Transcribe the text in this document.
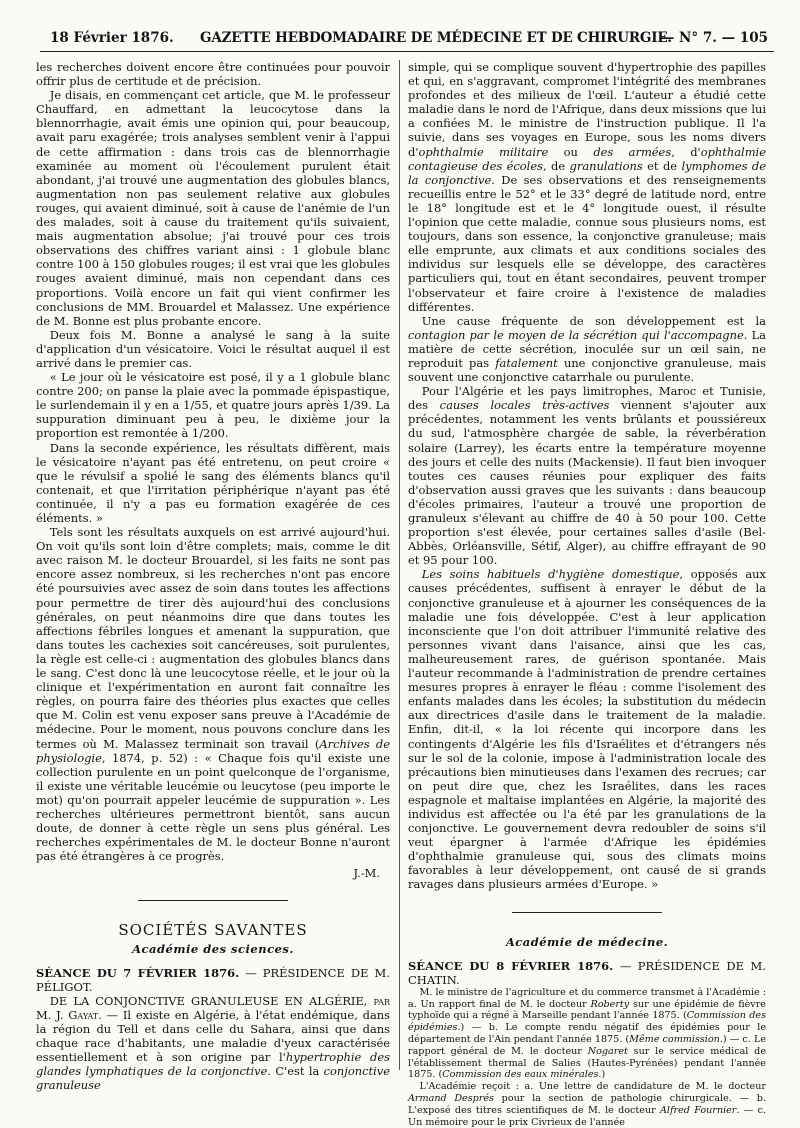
18 Février 1876. GAZETTE HEBDOMADAIRE DE MÉDECINE ET DE CHIRURGIE.
— N° 7. — 105

les recherches doivent encore être continuées pour pouvoir offrir plus de certitude et de précision.

Je disais, en commençant cet article, que M. le professeur Chauffard, en admettant la leucocytose dans la blennorrhagie, avait émis une opinion qui, pour beaucoup, avait paru exagérée; trois analyses semblent venir à l'appui de cette affirmation : dans trois cas de blennorrhagie examinée au moment où l'écoulement purulent était abondant, j'ai trouvé une augmentation des globules blancs, augmentation non pas seulement relative aux globules rouges, qui avaient diminué, soit à cause de l'anémie de l'un des malades, soit à cause du traitement qu'ils suivaient, mais augmentation absolue; j'ai trouvé pour ces trois observations des chiffres variant ainsi : 1 globule blanc contre 100 à 150 globules rouges; il est vrai que les globules rouges avaient diminué, mais non cependant dans ces proportions. Voilà encore un fait qui vient confirmer les conclusions de MM. Brouardel et Malassez. Une expérience de M. Bonne est plus probante encore.

Deux fois M. Bonne a analysé le sang à la suite d'application d'un vésicatoire. Voici le résultat auquel il est arrivé dans le premier cas.

« Le jour où le vésicatoire est posé, il y a 1 globule blanc contre 200; on panse la plaie avec la pommade épispastique, le surlendemain il y en a 1/55, et quatre jours après 1/39. La suppuration diminuant peu à peu, le dixième jour la proportion est remontée à 1/200.

Dans la seconde expérience, les résultats diffèrent, mais le vésicatoire n'ayant pas été entretenu, on peut croire « que le révulsif a spolié le sang des éléments blancs qu'il contenait, et que l'irritation périphérique n'ayant pas été continuée, il n'y a pas eu formation exagérée de ces éléments. »

Tels sont les résultats auxquels on est arrivé aujourd'hui. On voit qu'ils sont loin d'être complets; mais, comme le dit avec raison M. le docteur Brouardel, si les faits ne sont pas encore assez nombreux, si les recherches n'ont pas encore été poursuivies avec assez de soin dans toutes les affections pour permettre de tirer dès aujourd'hui des conclusions générales, on peut néanmoins dire que dans toutes les affections fébriles longues et amenant la suppuration, que dans toutes les cachexies soit cancéreuses, soit purulentes, la règle est celle-ci : augmentation des globules blancs dans le sang. C'est donc là une leucocytose réelle, et le jour où la clinique et l'expérimentation en auront fait connaître les règles, on pourra faire des théories plus exactes que celles que M. Colin est venu exposer sans preuve à l'Académie de médecine. Pour le moment, nous pouvons conclure dans les termes où M. Malassez terminait son travail (Archives de physiologie, 1874, p. 52) : « Chaque fois qu'il existe une collection purulente en un point quelconque de l'organisme, il existe une véritable leucémie ou leucytose (peu importe le mot) qu'on pourrait appeler leucémie de suppuration ». Les recherches ultérieures permettront bientôt, sans aucun doute, de donner à cette règle un sens plus général. Les recherches expérimentales de M. le docteur Bonne n'auront pas été étrangères à ce progrès.

J.-M.
SOCIÉTÉS SAVANTES
Académie des sciences.

SÉANCE DU 7 FÉVRIER 1876. — PRÉSIDENCE DE M. PÉLIGOT.

DE LA CONJONCTIVE GRANULEUSE EN ALGÉRIE, par M. J. Gayat. — Il existe en Algérie, à l'état endémique, dans la région du Tell et dans celle du Sahara, ainsi que dans chaque race d'habitants, une maladie d'yeux caractérisée essentiellement et à son origine par l'hypertrophie des glandes lymphatiques de la conjonctive. C'est la conjonctive granuleuse

simple, qui se complique souvent d'hypertrophie des papilles et qui, en s'aggravant, compromet l'intégrité des membranes profondes et des milieux de l'œil. L'auteur a étudié cette maladie dans le nord de l'Afrique, dans deux missions que lui a confiées M. le ministre de l'instruction publique. Il l'a suivie, dans ses voyages en Europe, sous les noms divers d'ophthalmie militaire ou des armées, d'ophthalmie contagieuse des écoles, de granulations et de lymphomes de la conjonctive. De ses observations et des renseignements recueillis entre le 52° et le 33° degré de latitude nord, entre le 18° longitude est et le 4° longitude ouest, il résulte l'opinion que cette maladie, connue sous plusieurs noms, est toujours, dans son essence, la conjonctive granuleuse; mais elle emprunte, aux climats et aux conditions sociales des individus sur lesquels elle se développe, des caractères particuliers qui, tout en étant secondaires, peuvent tromper l'observateur et faire croire à l'existence de maladies différentes.

Une cause fréquente de son développement est la contagion par le moyen de la sécrétion qui l'accompagne. La matière de cette sécrétion, inoculée sur un œil sain, ne reproduit pas fatalement une conjonctive granuleuse, mais souvent une conjonctive catarrhale ou purulente.

Pour l'Algérie et les pays limitrophes, Maroc et Tunisie, des causes locales très-actives viennent s'ajouter aux précédentes, notamment les vents brûlants et poussiéreux du sud, l'atmosphère chargée de sable, la réverbération solaire (Larrey), les écarts entre la température moyenne des jours et celle des nuits (Mackensie). Il faut bien invoquer toutes ces causes réunies pour expliquer des faits d'observation aussi graves que les suivants : dans beaucoup d'écoles primaires, l'auteur a trouvé une proportion de granuleux s'élevant au chiffre de 40 à 50 pour 100. Cette proportion s'est élevée, pour certaines salles d'asile (Bel-Abbès, Orléansville, Sétif, Alger), au chiffre effrayant de 90 et 95 pour 100.

Les soins habituels d'hygiène domestique, opposés aux causes précédentes, suffisent à enrayer le début de la conjonctive granuleuse et à ajourner les conséquences de la maladie une fois développée. C'est à leur application inconsciente que l'on doit attribuer l'immunité relative des personnes vivant dans l'aisance, ainsi que les cas, malheureusement rares, de guérison spontanée. Mais l'auteur recommande à l'administration de prendre certaines mesures propres à enrayer le fléau : comme l'isolement des enfants malades dans les écoles; la substitution du médecin aux directrices d'asile dans le traitement de la maladie. Enfin, dit-il, « la loi récente qui incorpore dans les contingents d'Algérie les fils d'Israélites et d'étrangers nés sur le sol de la colonie, impose à l'administration locale des précautions bien minutieuses dans l'examen des recrues; car on peut dire que, chez les Israélites, dans les races espagnole et maltaise implantées en Algérie, la majorité des individus est affectée ou l'a été par les granulations de la conjonctive. Le gouvernement devra redoubler de soins s'il veut épargner à l'armée d'Afrique les épidémies d'ophthalmie granuleuse qui, sous des climats moins favorables à leur développement, ont causé de si grands ravages dans plusieurs armées d'Europe. »

Académie de médecine.

SÉANCE DU 8 FÉVRIER 1876. — PRÉSIDENCE DE M. CHATIN.

M. le ministre de l'agriculture et du commerce transmet à l'Académie : a. Un rapport final de M. le docteur Roberty sur une épidémie de fièvre typhoïde qui a régné à Marseille pendant l'année 1875. (Commission des épidémies.) — b. Le compte rendu négatif des épidémies pour le département de l'Ain pendant l'année 1875. (Même commission.) — c. Le rapport général de M. le docteur Nogaret sur le service médical de l'établissement thermal de Salies (Hautes-Pyrénées) pendant l'année 1875. (Commission des eaux minérales.)

L'Académie reçoit : a. Une lettre de candidature de M. le docteur Armand Després pour la section de pathologie chirurgicale. — b. L'exposé des titres scientifiques de M. le docteur Alfred Fournier. — c. Un mémoire pour le prix Civrieux de l'année
